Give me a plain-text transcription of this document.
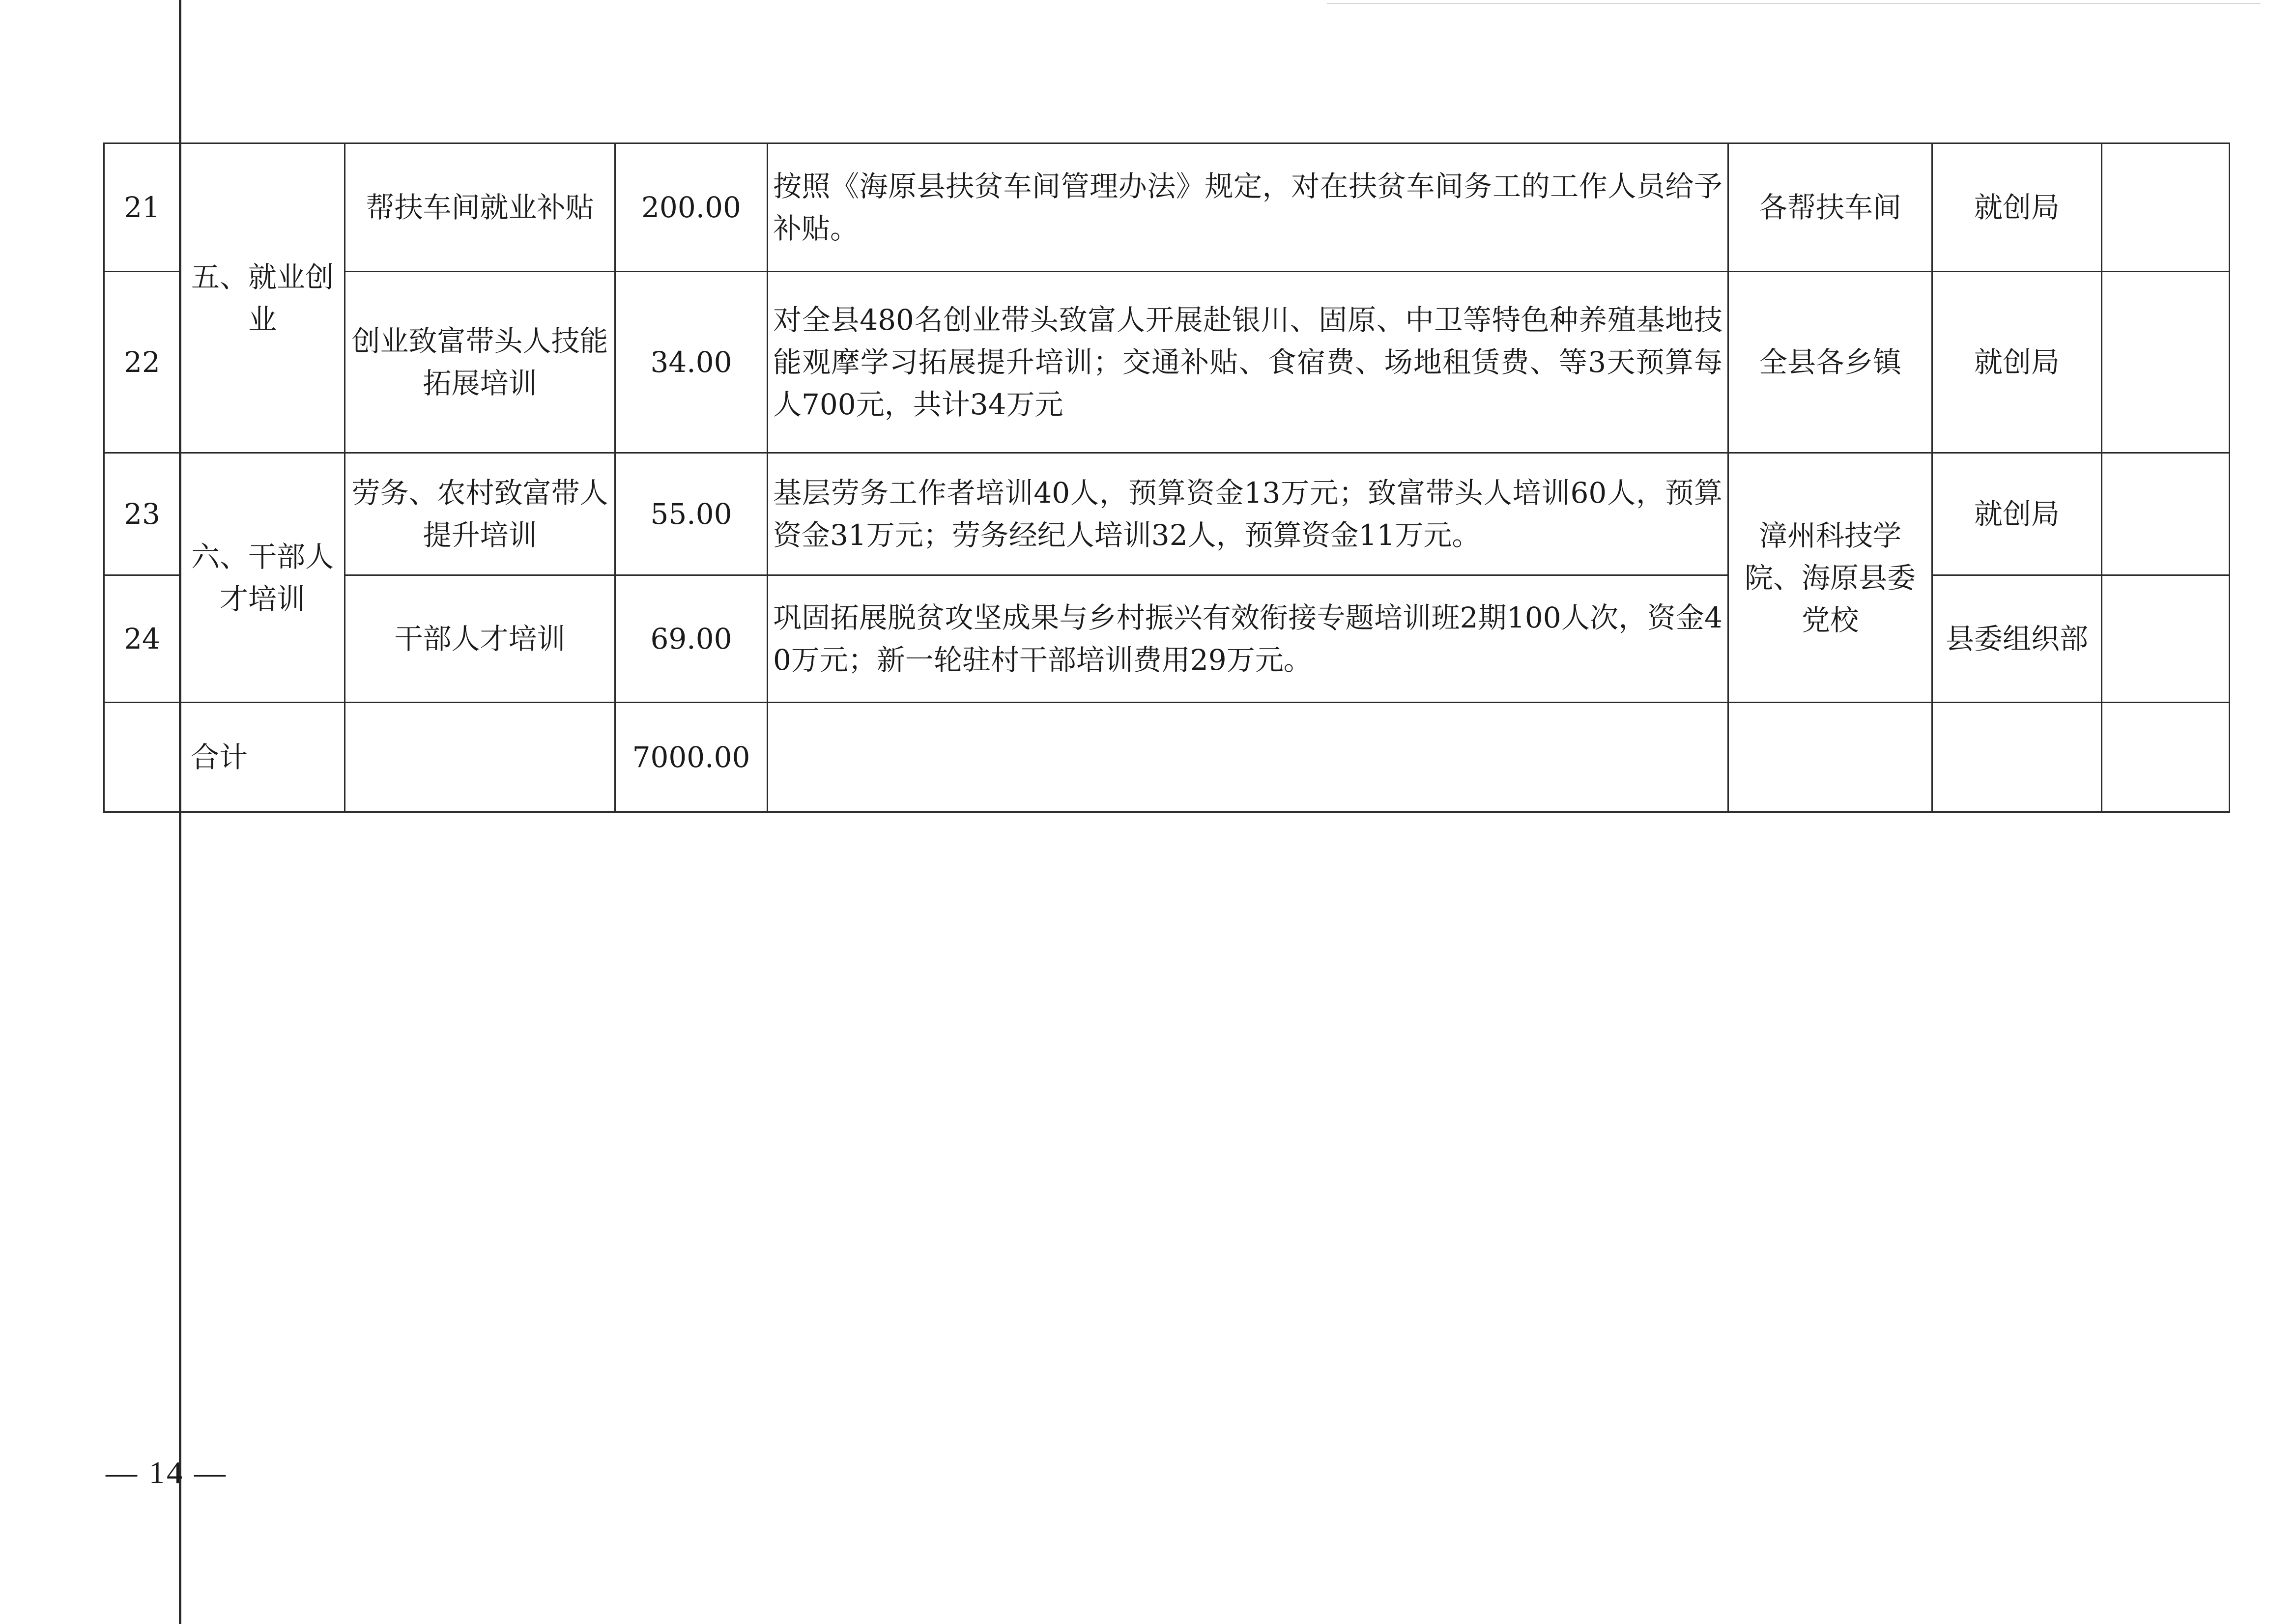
21	五、就业创业	帮扶车间就业补贴	200.00	按照《海原县扶贫车间管理办法》规定，对在扶贫车间务工的工作人员给予补贴。	各帮扶车间	就创局	
22		创业致富带头人技能拓展培训	34.00	对全县480名创业带头致富人开展赴银川、固原、中卫等特色种养殖基地技能观摩学习拓展提升培训；交通补贴、食宿费、场地租赁费、等3天预算每人700元，共计34万元	全县各乡镇	就创局	
23	六、干部人才培训	劳务、农村致富带人提升培训	55.00	基层劳务工作者培训40人，预算资金13万元；致富带头人培训60人，预算资金31万元；劳务经纪人培训32人，预算资金11万元。	漳州科技学院、海原县委党校	就创局	
24		干部人才培训	69.00	巩固拓展脱贫攻坚成果与乡村振兴有效衔接专题培训班2期100人次，资金40万元；新一轮驻村干部培训费用29万元。		县委组织部	
	合计		7000.00				
— 14 —
